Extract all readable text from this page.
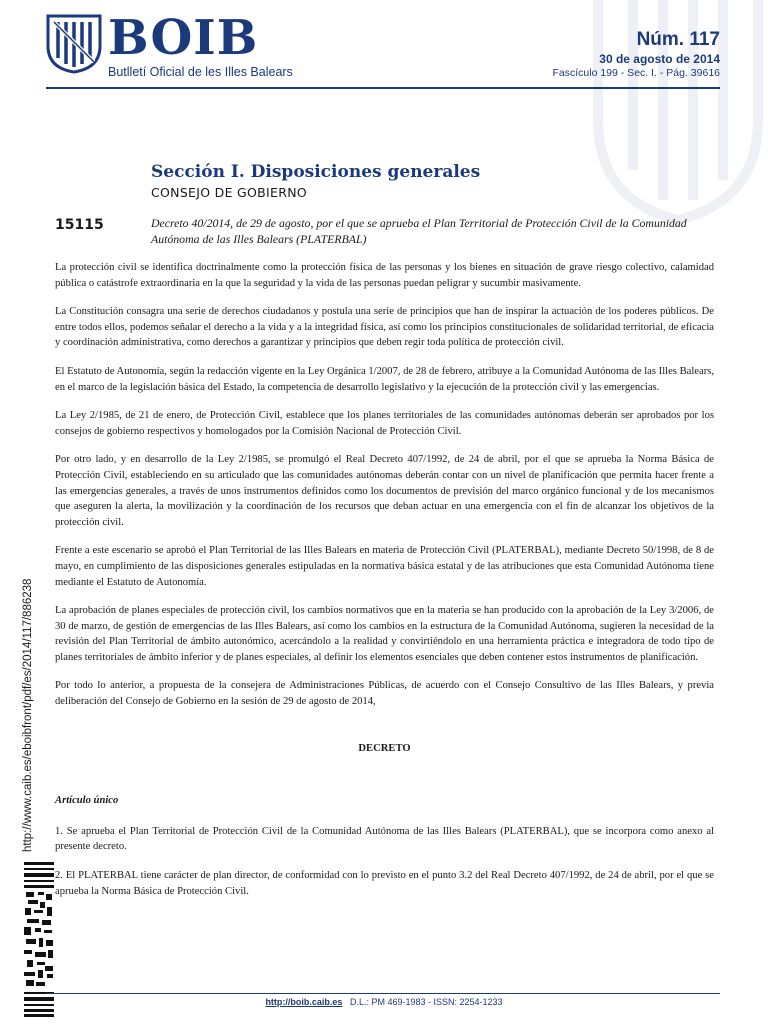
BOIB
Butlletí Oficial de les Illes Balears
Núm. 117
30 de agosto de 2014
Fascículo 199 - Sec. I. - Pág. 39616
Sección I. Disposiciones generales
CONSEJO DE GOBIERNO
15115	Decreto 40/2014, de 29 de agosto, por el que se aprueba el Plan Territorial de Protección Civil de la Comunidad Autónoma de las Illes Balears (PLATERBAL)

La protección civil se identifica doctrinalmente como la protección física de las personas y los bienes en situación de grave riesgo colectivo, calamidad pública o catástrofe extraordinaria en la que la seguridad y la vida de las personas puedan peligrar y sucumbir masivamente.

La Constitución consagra una serie de derechos ciudadanos y postula una serie de principios que han de inspirar la actuación de los poderes públicos. De entre todos ellos, podemos señalar el derecho a la vida y a la integridad física, así como los principios constitucionales de solidaridad territorial, de eficacia y coordinación administrativa, como derechos a garantizar y principios que deben regir toda política de protección civil.

El Estatuto de Autonomía, según la redacción vigente en la Ley Orgánica 1/2007, de 28 de febrero, atribuye a la Comunidad Autónoma de las Illes Balears, en el marco de la legislación básica del Estado, la competencia de desarrollo legislativo y la ejecución de la protección civil y las emergencias.

La Ley 2/1985, de 21 de enero, de Protección Civil, establece que los planes territoriales de las comunidades autónomas deberán ser aprobados por los consejos de gobierno respectivos y homologados por la Comisión Nacional de Protección Civil.

Por otro lado, y en desarrollo de la Ley 2/1985, se promulgó el Real Decreto 407/1992, de 24 de abril, por el que se aprueba la Norma Básica de Protección Civil, estableciendo en su articulado que las comunidades autónomas deberán contar con un nivel de planificación que permita hacer frente a las emergencias generales, a través de unos instrumentos definidos como los documentos de previsión del marco orgánico funcional y de los mecanismos que aseguren la alerta, la movilización y la coordinación de los recursos que deban actuar en una emergencia con el fin de alcanzar los objetivos de la protección civil.

Frente a este escenario se aprobó el Plan Territorial de las Illes Balears en materia de Protección Civil (PLATERBAL), mediante Decreto 50/1998, de 8 de mayo, en cumplimiento de las disposiciones generales estipuladas en la normativa básica estatal y de las atribuciones que esta Comunidad Autónoma tiene mediante el Estatuto de Autonomía.

La aprobación de planes especiales de protección civil, los cambios normativos que en la materia se han producido con la aprobación de la Ley 3/2006, de 30 de marzo, de gestión de emergencias de las Illes Balears, así como los cambios en la estructura de la Comunidad Autónoma, sugieren la necesidad de la revisión del Plan Territorial de ámbito autonómico, acercándolo a la realidad y convirtiéndolo en una herramienta práctica e integradora de todo tipo de planes territoriales de ámbito inferior y de planes especiales, al definir los elementos esenciales que deben contener estos instrumentos de planificación.

Por todo lo anterior, a propuesta de la consejera de Administraciones Públicas, de acuerdo con el Consejo Consultivo de las Illes Balears, y previa deliberación del Consejo de Gobierno en la sesión de 29 de agosto de 2014,

DECRETO

Artículo único

1. Se aprueba el Plan Territorial de Protección Civil de la Comunidad Autónoma de las Illes Balears (PLATERBAL), que se incorpora como anexo al presente decreto.

2. El PLATERBAL tiene carácter de plan director, de conformidad con lo previsto en el punto 3.2 del Real Decreto 407/1992, de 24 de abril, por el que se aprueba la Norma Básica de Protección Civil.

http://www.caib.es/eboibfront/pdf/es/2014/117/886238
http://boib.caib.es D.L.: PM 469-1983 - ISSN: 2254-1233
